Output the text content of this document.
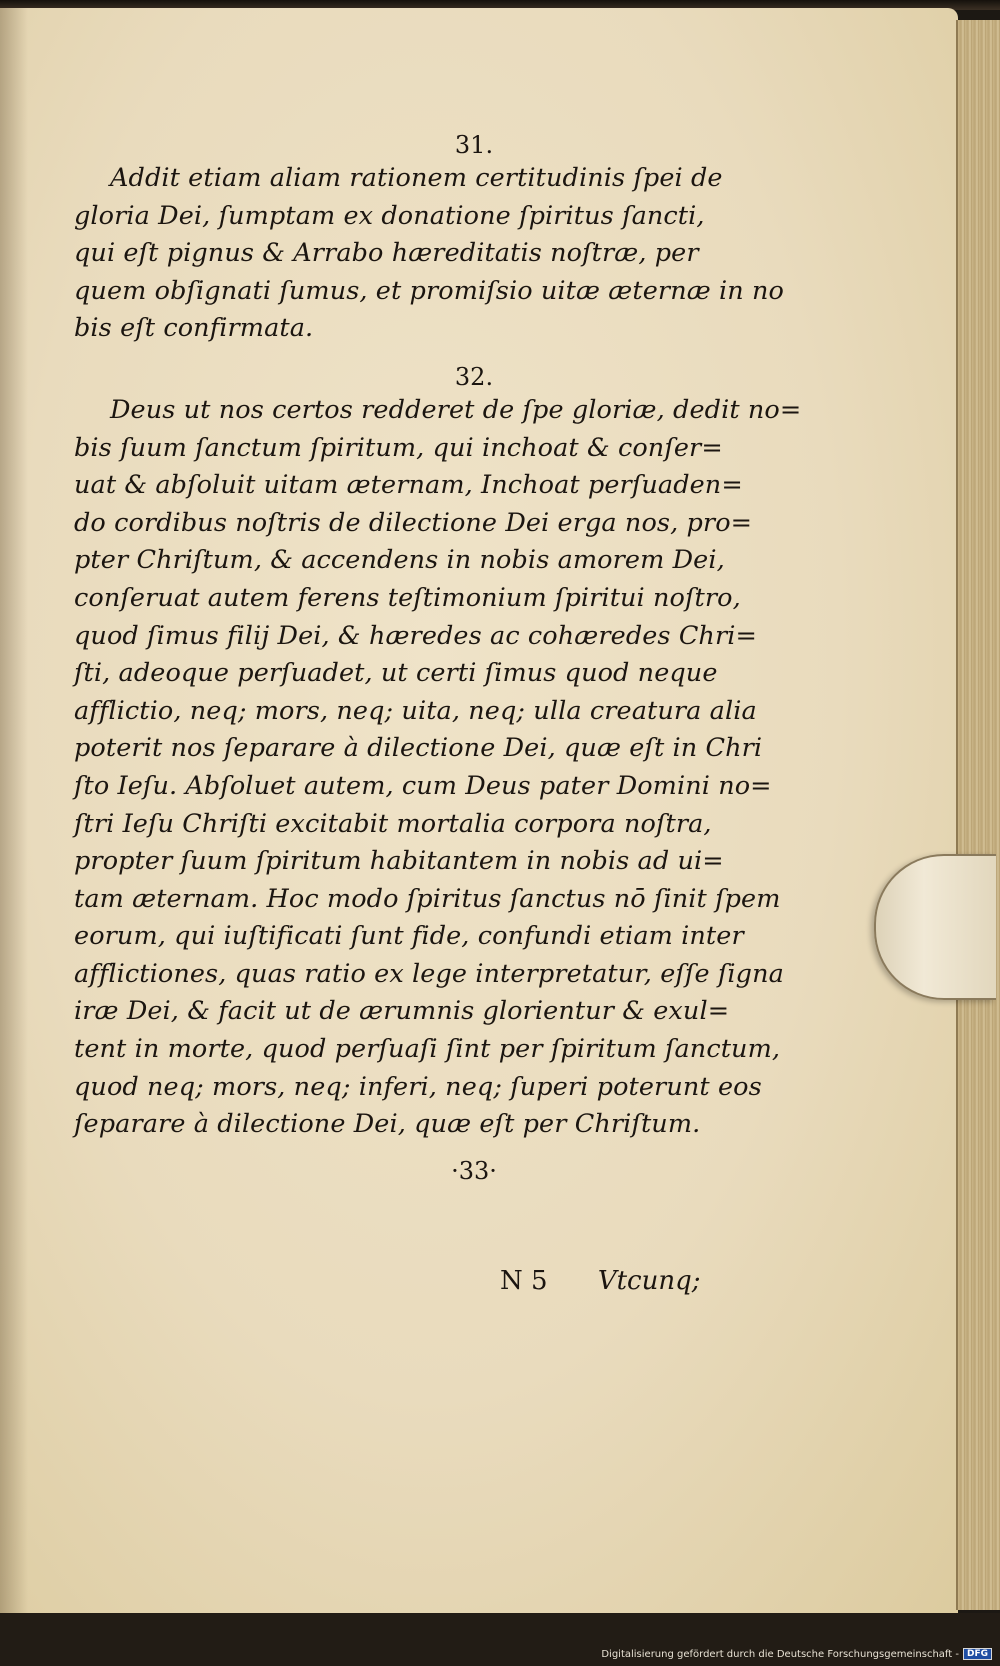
31.
Addit etiam aliam rationem certitudinis ſpei de
gloria Dei, ſumptam ex donatione ſpiritus ſancti,
qui eſt pignus & Arrabo hæreditatis noſtræ, per
quem obſignati ſumus, et promiſsio uitæ æternæ in no
bis eſt confirmata.
32.
Deus ut nos certos redderet de ſpe gloriæ, dedit no=
bis ſuum ſanctum ſpiritum, qui inchoat & conſer=
uat & abſoluit uitam æternam, Inchoat perſuaden=
do cordibus noſtris de dilectione Dei erga nos, pro=
pter Chriſtum, & accendens in nobis amorem Dei,
conſeruat autem ferens teſtimonium ſpiritui noſtro,
quod ſimus filij Dei, & hæredes ac cohæredes Chri=
ſti, adeoque perſuadet, ut certi ſimus quod neque
afflictio, neq; mors, neq; uita, neq; ulla creatura alia
poterit nos ſeparare à dilectione Dei, quæ eſt in Chri
ſto Ieſu. Abſoluet autem, cum Deus pater Domini no=
ſtri Ieſu Chriſti excitabit mortalia corpora noſtra,
propter ſuum ſpiritum habitantem in nobis ad ui=
tam æternam. Hoc modo ſpiritus ſanctus nō ſinit ſpem
eorum, qui iuſtificati ſunt fide, confundi etiam inter
afflictiones, quas ratio ex lege interpretatur, eſſe ſigna
iræ Dei, & facit ut de ærumnis glorientur & exul=
tent in morte, quod perſuaſi ſint per ſpiritum ſanctum,
quod neq; mors, neq; inferi, neq; ſuperi poterunt eos
ſeparare à dilectione Dei, quæ eſt per Chriſtum.
·33·
N 5 Vtcunq;
Digitalisierung gefördert durch die Deutsche Forschungsgemeinschaft - DFG
